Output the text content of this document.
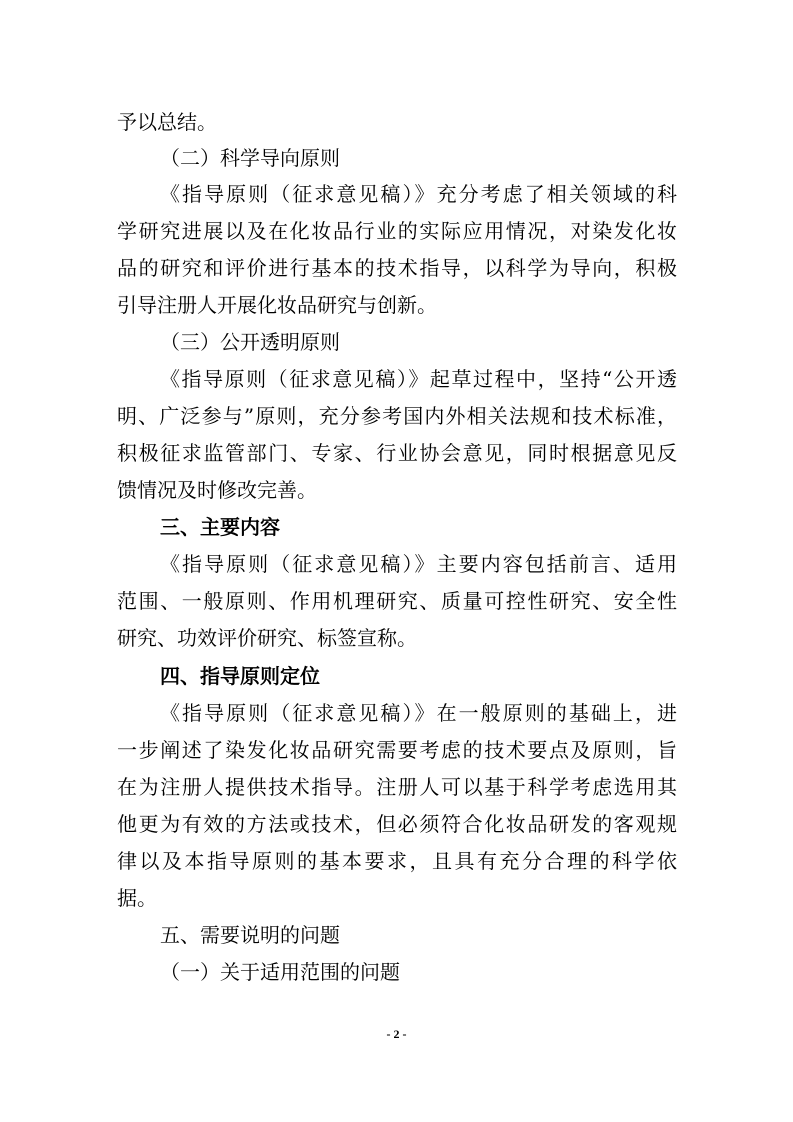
予以总结。
（二）科学导向原则
《指导原则（征求意见稿）》充分考虑了相关领域的科
学研究进展以及在化妆品行业的实际应用情况，对染发化妆
品的研究和评价进行基本的技术指导，以科学为导向，积极
引导注册人开展化妆品研究与创新。
（三）公开透明原则
《指导原则（征求意见稿）》起草过程中，坚持“公开透
明、广泛参与”原则，充分参考国内外相关法规和技术标准，
积极征求监管部门、专家、行业协会意见，同时根据意见反
馈情况及时修改完善。
三、主要内容
《指导原则（征求意见稿）》主要内容包括前言、适用
范围、一般原则、作用机理研究、质量可控性研究、安全性
研究、功效评价研究、标签宣称。
四、指导原则定位
《指导原则（征求意见稿）》在一般原则的基础上，进
一步阐述了染发化妆品研究需要考虑的技术要点及原则，旨
在为注册人提供技术指导。注册人可以基于科学考虑选用其
他更为有效的方法或技术，但必须符合化妆品研发的客观规
律以及本指导原则的基本要求，且具有充分合理的科学依
据。
五、需要说明的问题
（一）关于适用范围的问题
- 2 -
